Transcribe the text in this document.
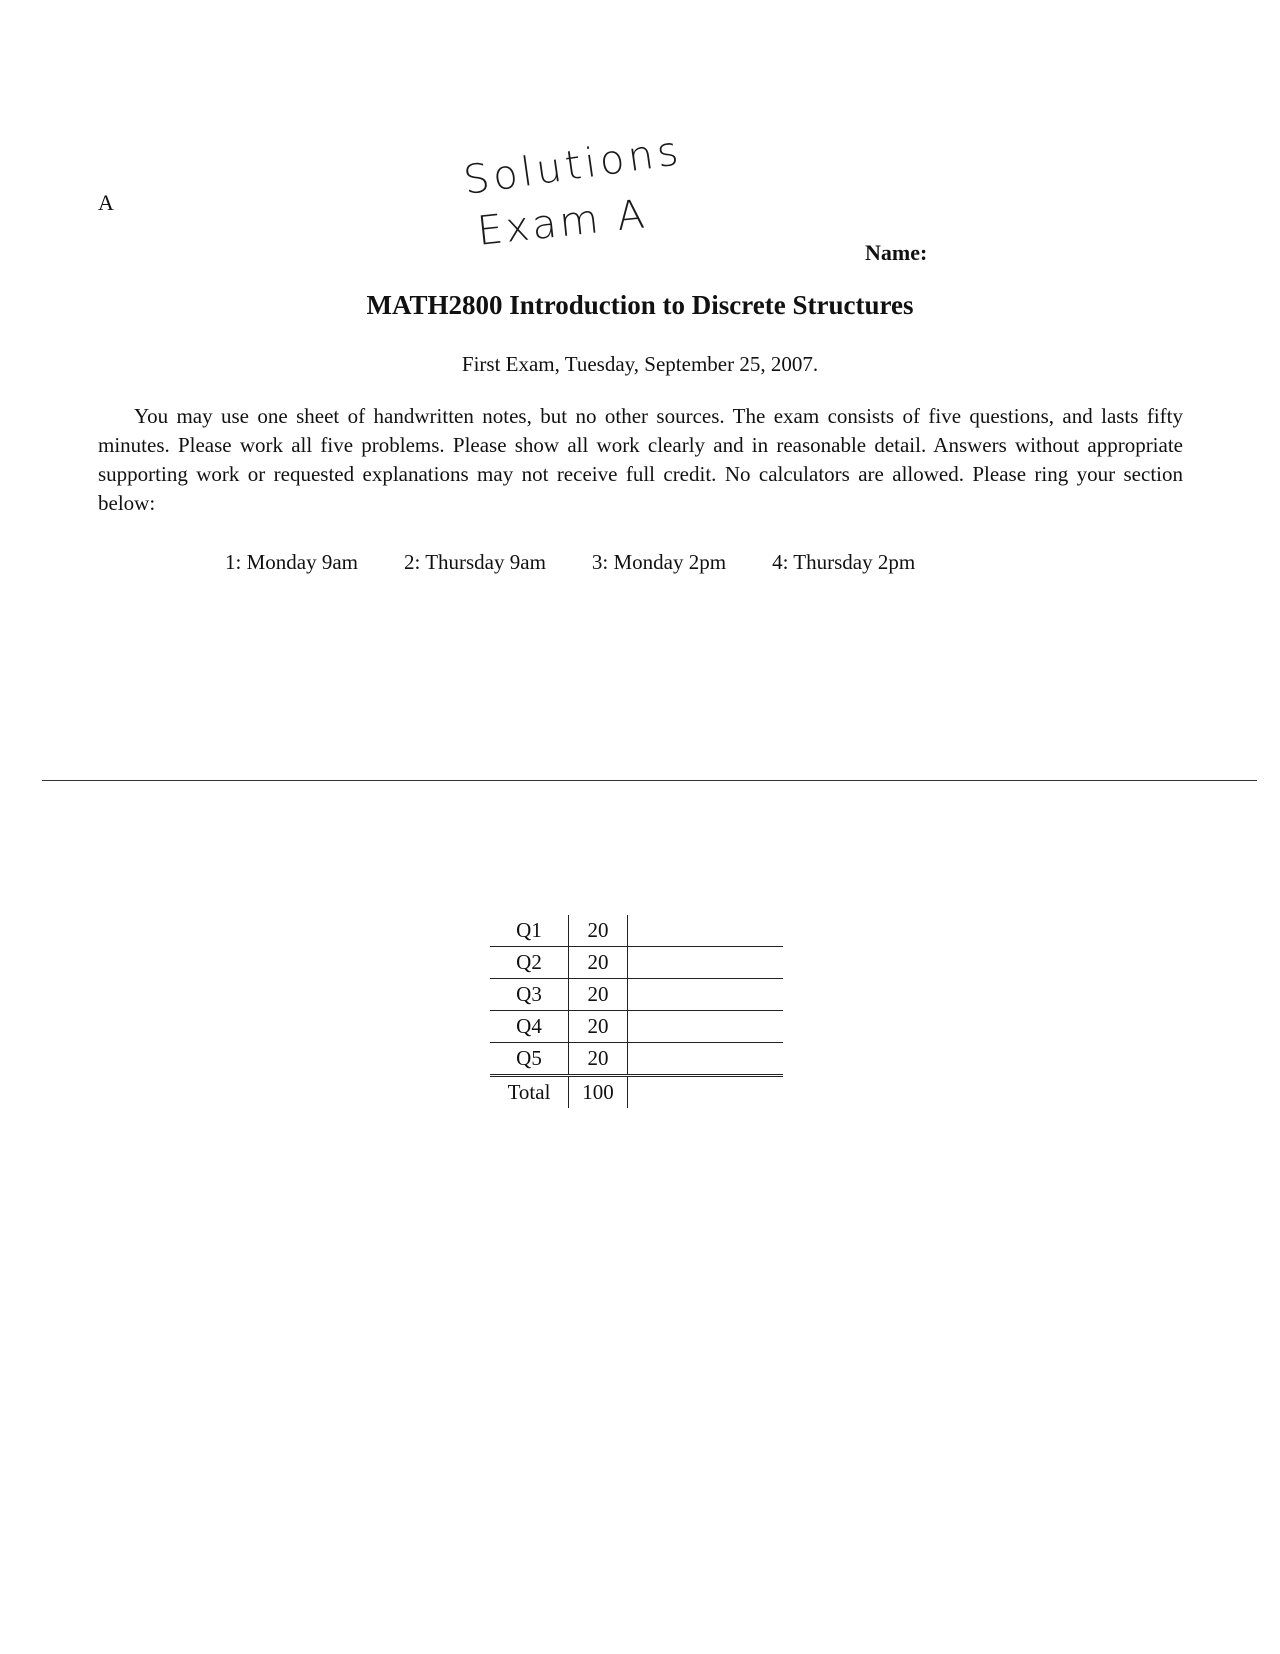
A	Solutions
Exam A	Name:
MATH2800 Introduction to Discrete Structures
First Exam, Tuesday, September 25, 2007.
You may use one sheet of handwritten notes, but no other sources. The exam consists of five questions, and lasts fifty minutes. Please work all five problems. Please show all work clearly and in reasonable detail. Answers without appropriate supporting work or requested explanations may not receive full credit. No calculators are allowed. Please ring your section below:
1: Monday 9am 2: Thursday 9am 3: Monday 2pm 4: Thursday 2pm
Q1	20	
Q2	20	
Q3	20	
Q4	20	
Q5	20	
Total	100	
